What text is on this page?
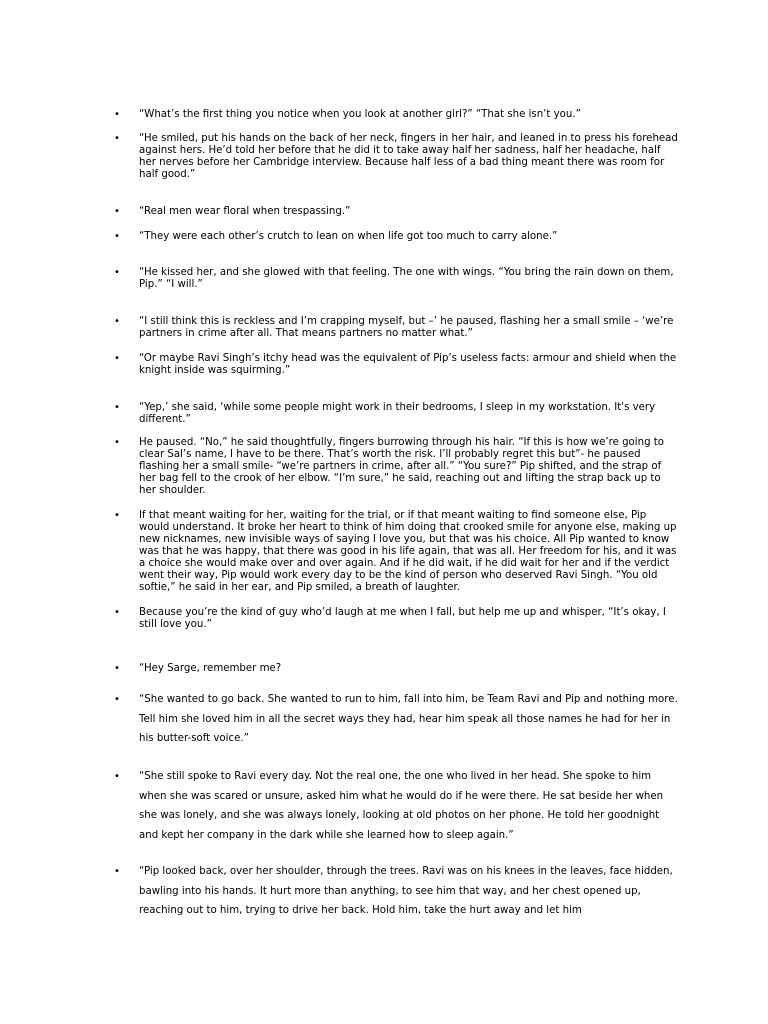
• “What’s the first thing you notice when you look at another girl?” “That she isn’t you.”
• “He smiled, put his hands on the back of her neck, fingers in her hair, and leaned in to press his forehead against hers. He’d told her before that he did it to take away half her sadness, half her headache, half her nerves before her Cambridge interview. Because half less of a bad thing meant there was room for half good.”
• “Real men wear floral when trespassing.”
• “They were each other’s crutch to lean on when life got too much to carry alone.”
• “He kissed her, and she glowed with that feeling. The one with wings. “You bring the rain down on them, Pip.” “I will.”
• “I still think this is reckless and I’m crapping myself, but –’ he paused, flashing her a small smile – ‘we’re partners in crime after all. That means partners no matter what.”
• “Or maybe Ravi Singh’s itchy head was the equivalent of Pip’s useless facts: armour and shield when the knight inside was squirming.”
• “Yep,’ she said, ‘while some people might work in their bedrooms, I sleep in my workstation. It's very different.”
• He paused. “No,” he said thoughtfully, fingers burrowing through his hair. “If this is how we’re going to clear Sal’s name, I have to be there. That’s worth the risk. I’ll probably regret this but”- he paused flashing her a small smile- “we’re partners in crime, after all.” “You sure?” Pip shifted, and the strap of her bag fell to the crook of her elbow. “I’m sure,” he said, reaching out and lifting the strap back up to her shoulder.
• If that meant waiting for her, waiting for the trial, or if that meant waiting to find someone else, Pip would understand. It broke her heart to think of him doing that crooked smile for anyone else, making up new nicknames, new invisible ways of saying I love you, but that was his choice. All Pip wanted to know was that he was happy, that there was good in his life again, that was all. Her freedom for his, and it was a choice she would make over and over again. And if he did wait, if he did wait for her and if the verdict went their way, Pip would work every day to be the kind of person who deserved Ravi Singh. “You old softie,” he said in her ear, and Pip smiled, a breath of laughter.
• Because you’re the kind of guy who’d laugh at me when I fall, but help me up and whisper, “It’s okay, I still love you.”
• “Hey Sarge, remember me?
• “She wanted to go back. She wanted to run to him, fall into him, be Team Ravi and Pip and nothing more. Tell him she loved him in all the secret ways they had, hear him speak all those names he had for her in his butter-soft voice.”
• “She still spoke to Ravi every day. Not the real one, the one who lived in her head. She spoke to him when she was scared or unsure, asked him what he would do if he were there. He sat beside her when she was lonely, and she was always lonely, looking at old photos on her phone. He told her goodnight and kept her company in the dark while she learned how to sleep again.”
• “Pip looked back, over her shoulder, through the trees. Ravi was on his knees in the leaves, face hidden, bawling into his hands. It hurt more than anything, to see him that way, and her chest opened up, reaching out to him, trying to drive her back. Hold him, take the hurt away and let him
